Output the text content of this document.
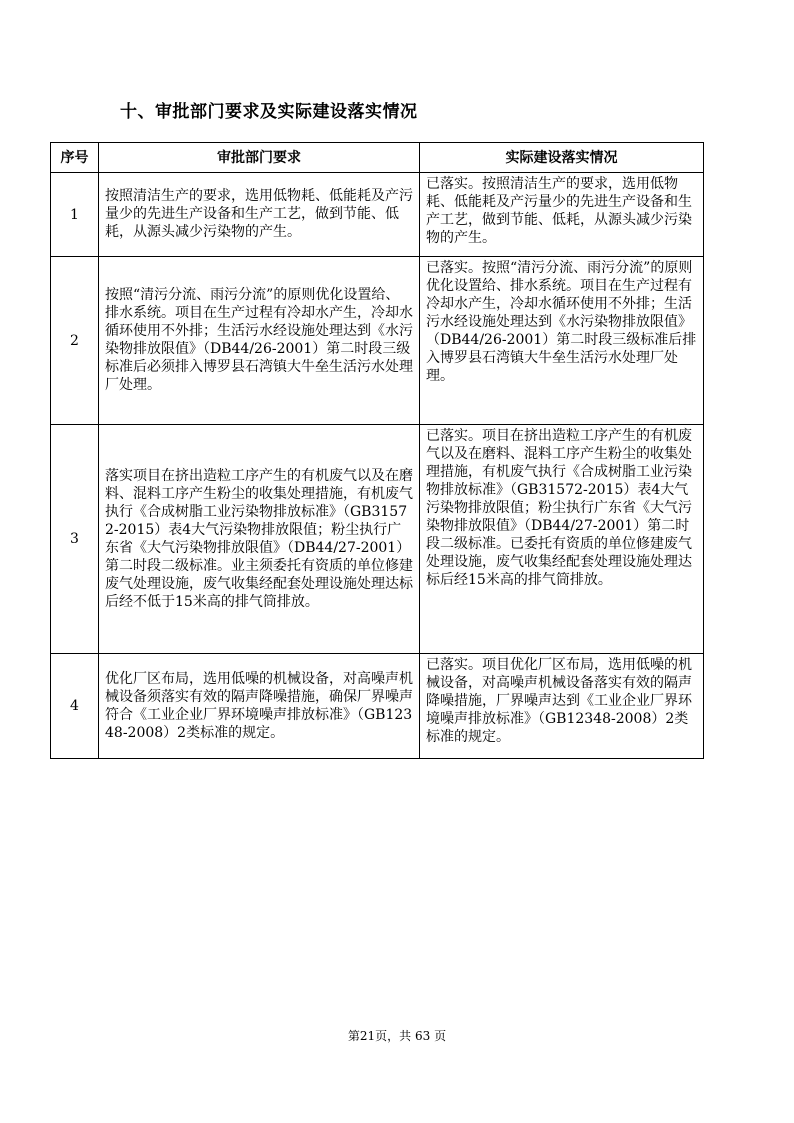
十、审批部门要求及实际建设落实情况
序号	审批部门要求	实际建设落实情况
1	按照清洁生产的要求，选用低物耗、低能耗及产污量少的先进生产设备和生产工艺，做到节能、低耗，从源头减少污染物的产生。	已落实。按照清洁生产的要求，选用低物耗、低能耗及产污量少的先进生产设备和生产工艺，做到节能、低耗，从源头减少污染物的产生。
2	按照“清污分流、雨污分流”的原则优化设置给、排水系统。项目在生产过程有冷却水产生，冷却水循环使用不外排；生活污水经设施处理达到《水污染物排放限值》（DB44/26-2001）第二时段三级标准后必须排入博罗县石湾镇大牛垒生活污水处理厂处理。	已落实。按照“清污分流、雨污分流”的原则优化设置给、排水系统。项目在生产过程有冷却水产生，冷却水循环使用不外排；生活污水经设施处理达到《水污染物排放限值》（DB44/26-2001）第二时段三级标准后排入博罗县石湾镇大牛垒生活污水处理厂处理。
3	落实项目在挤出造粒工序产生的有机废气以及在磨料、混料工序产生粉尘的收集处理措施，有机废气执行《合成树脂工业污染物排放标准》（GB31572-2015）表4大气污染物排放限值；粉尘执行广东省《大气污染物排放限值》（DB44/27-2001）第二时段二级标准。业主须委托有资质的单位修建废气处理设施，废气收集经配套处理设施处理达标后经不低于15米高的排气筒排放。	已落实。项目在挤出造粒工序产生的有机废气以及在磨料、混料工序产生粉尘的收集处理措施，有机废气执行《合成树脂工业污染物排放标准》（GB31572-2015）表4大气污染物排放限值；粉尘执行广东省《大气污染物排放限值》（DB44/27-2001）第二时段二级标准。已委托有资质的单位修建废气处理设施，废气收集经配套处理设施处理达标后经15米高的排气筒排放。
4	优化厂区布局，选用低噪的机械设备，对高噪声机械设备须落实有效的隔声降噪措施，确保厂界噪声符合《工业企业厂界环境噪声排放标准》（GB12348-2008）2类标准的规定。	已落实。项目优化厂区布局，选用低噪的机械设备，对高噪声机械设备落实有效的隔声降噪措施，厂界噪声达到《工业企业厂界环境噪声排放标准》（GB12348-2008）2类标准的规定。
第21页，共 63 页
